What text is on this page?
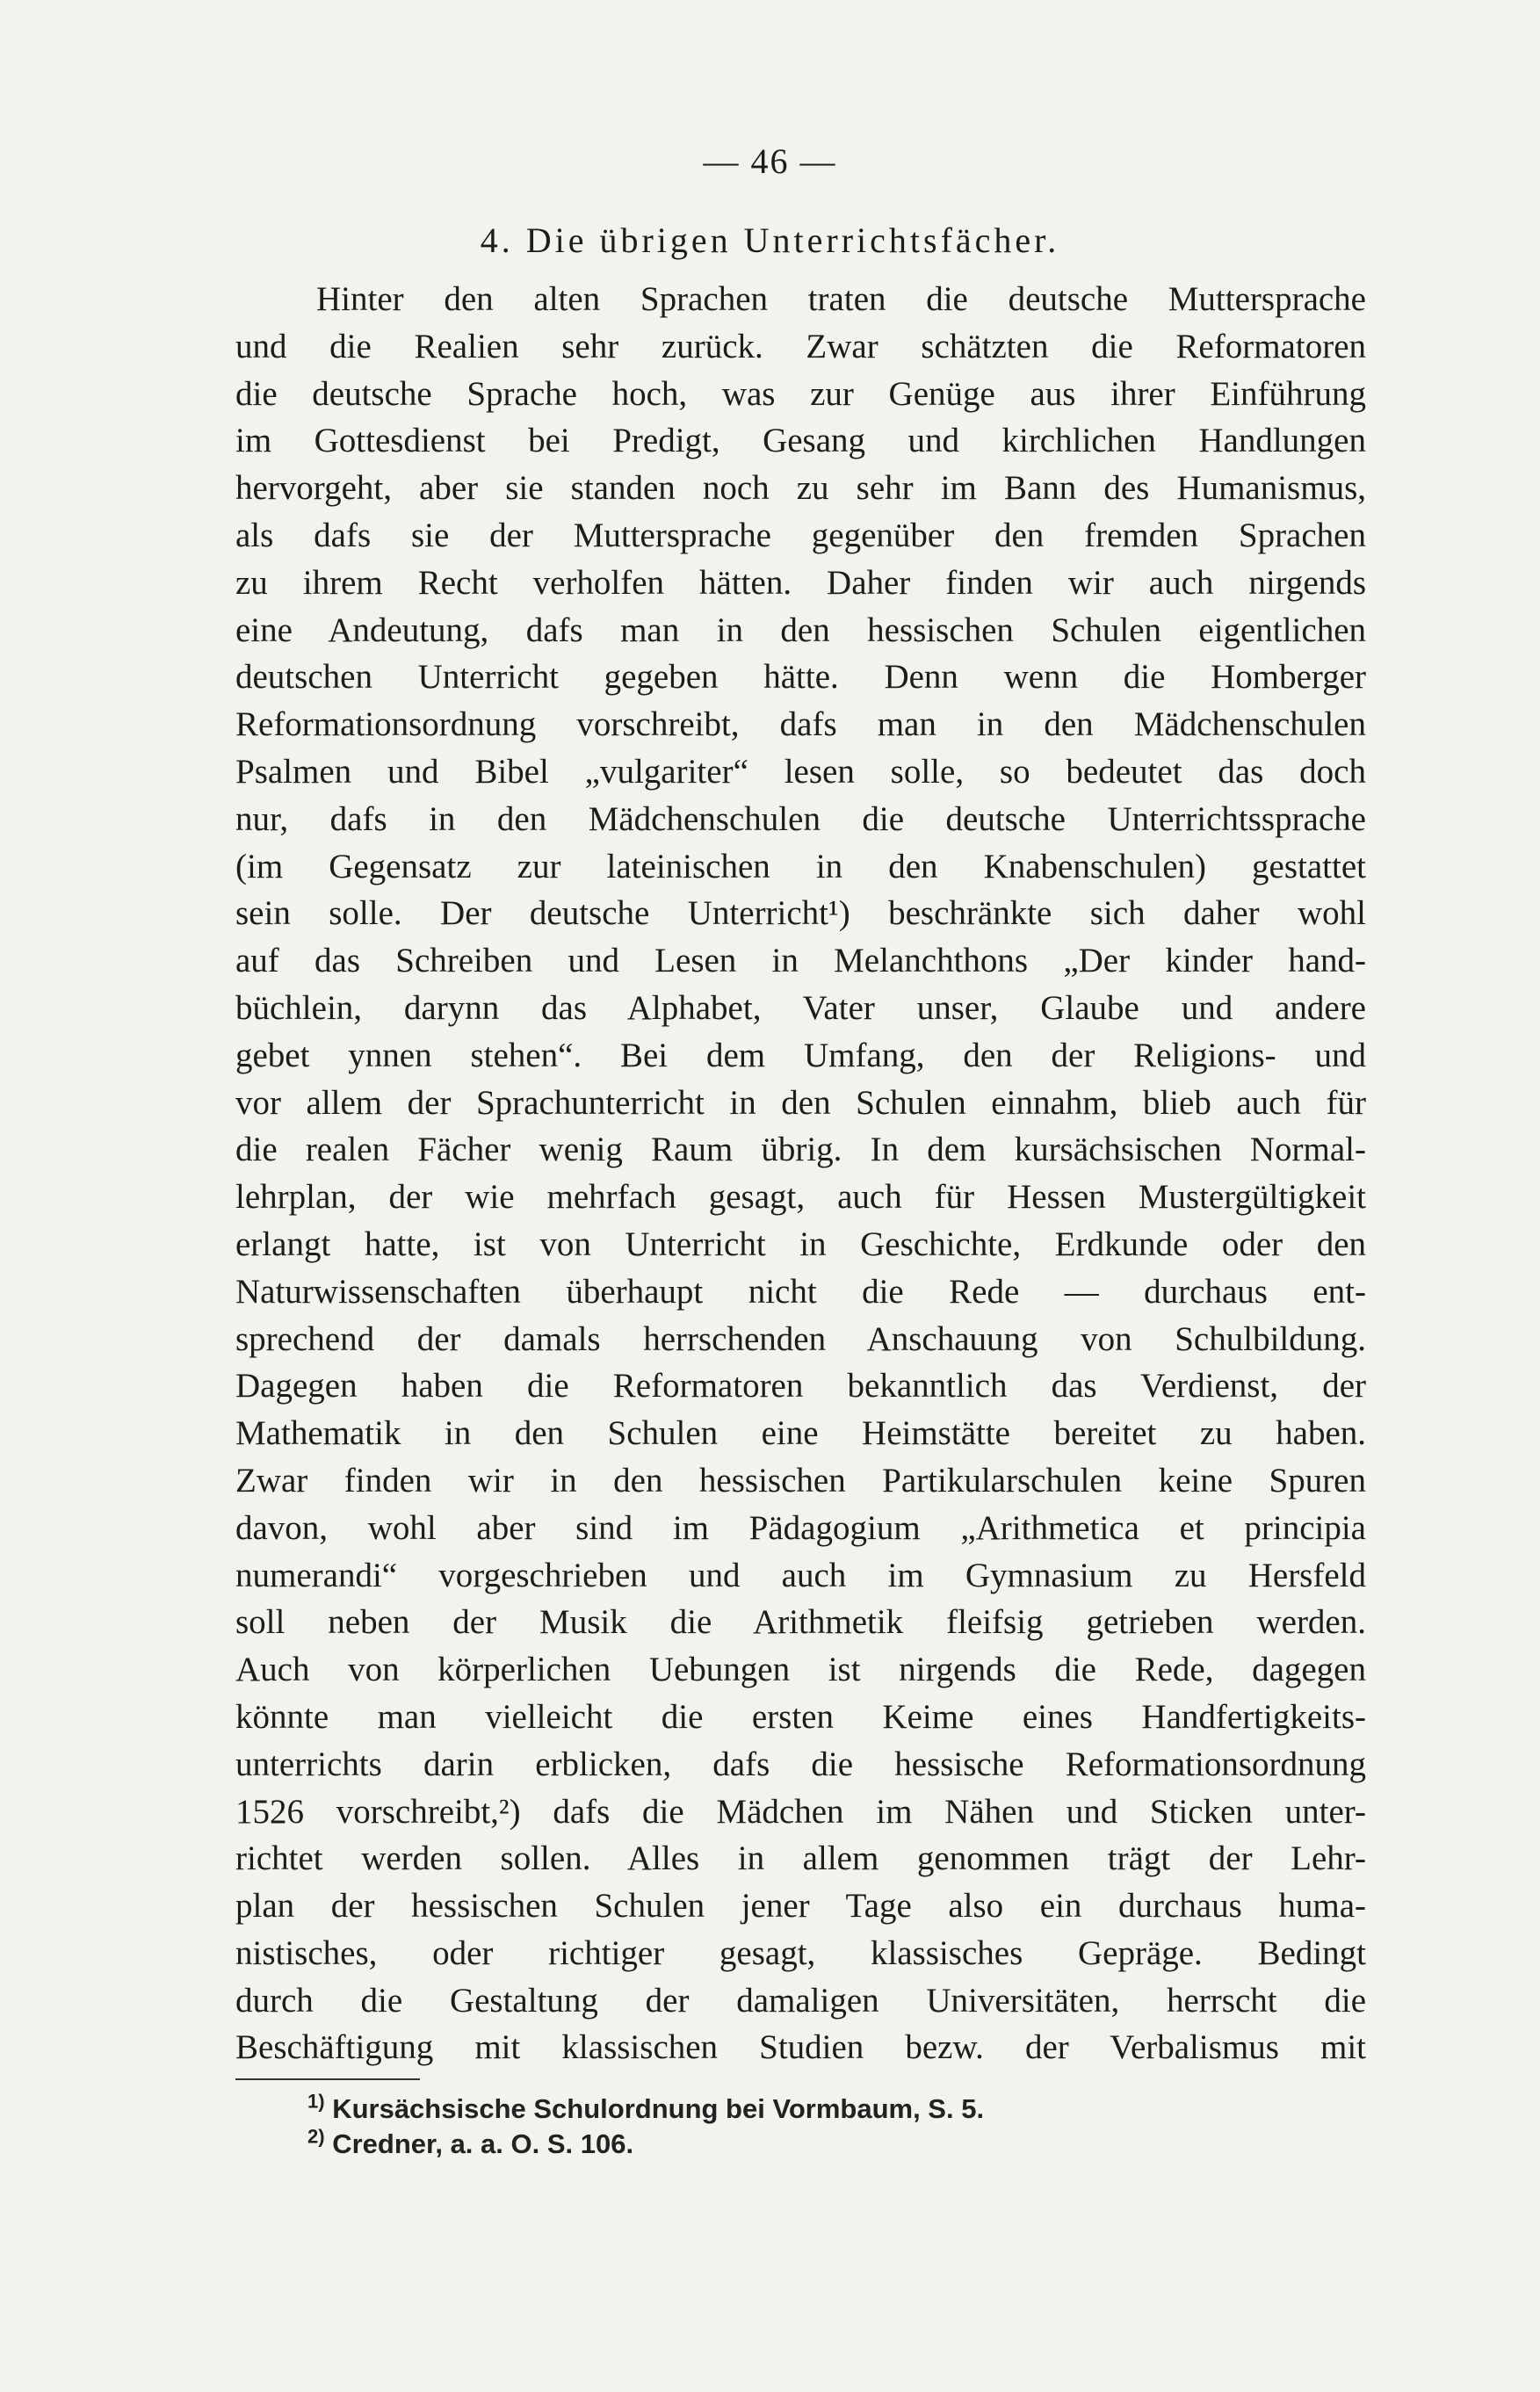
— 46 —
4. Die übrigen Unterrichtsfächer.
Hinter den alten Sprachen traten die deutsche Muttersprache
und die Realien sehr zurück. Zwar schätzten die Reformatoren
die deutsche Sprache hoch, was zur Genüge aus ihrer Einführung
im Gottesdienst bei Predigt, Gesang und kirchlichen Handlungen
hervorgeht, aber sie standen noch zu sehr im Bann des Humanismus,
als dafs sie der Muttersprache gegenüber den fremden Sprachen
zu ihrem Recht verholfen hätten. Daher finden wir auch nirgends
eine Andeutung, dafs man in den hessischen Schulen eigentlichen
deutschen Unterricht gegeben hätte. Denn wenn die Homberger
Reformationsordnung vorschreibt, dafs man in den Mädchenschulen
Psalmen und Bibel „vulgariter“ lesen solle, so bedeutet das doch
nur, dafs in den Mädchenschulen die deutsche Unterrichtssprache
(im Gegensatz zur lateinischen in den Knabenschulen) gestattet
sein solle. Der deutsche Unterricht¹) beschränkte sich daher wohl
auf das Schreiben und Lesen in Melanchthons „Der kinder hand-
büchlein, darynn das Alphabet, Vater unser, Glaube und andere
gebet ynnen stehen“. Bei dem Umfang, den der Religions- und
vor allem der Sprachunterricht in den Schulen einnahm, blieb auch für
die realen Fächer wenig Raum übrig. In dem kursächsischen Normal-
lehrplan, der wie mehrfach gesagt, auch für Hessen Mustergültigkeit
erlangt hatte, ist von Unterricht in Geschichte, Erdkunde oder den
Naturwissenschaften überhaupt nicht die Rede — durchaus ent-
sprechend der damals herrschenden Anschauung von Schulbildung.
Dagegen haben die Reformatoren bekanntlich das Verdienst, der
Mathematik in den Schulen eine Heimstätte bereitet zu haben.
Zwar finden wir in den hessischen Partikularschulen keine Spuren
davon, wohl aber sind im Pädagogium „Arithmetica et principia
numerandi“ vorgeschrieben und auch im Gymnasium zu Hersfeld
soll neben der Musik die Arithmetik fleifsig getrieben werden.
Auch von körperlichen Uebungen ist nirgends die Rede, dagegen
könnte man vielleicht die ersten Keime eines Handfertigkeits-
unterrichts darin erblicken, dafs die hessische Reformationsordnung
1526 vorschreibt,²) dafs die Mädchen im Nähen und Sticken unter-
richtet werden sollen. Alles in allem genommen trägt der Lehr-
plan der hessischen Schulen jener Tage also ein durchaus huma-
nistisches, oder richtiger gesagt, klassisches Gepräge. Bedingt
durch die Gestaltung der damaligen Universitäten, herrscht die
Beschäftigung mit klassischen Studien bezw. der Verbalismus mit
$^{1)}$ Kursächsische Schulordnung bei Vormbaum, S. 5.
$^{2)}$ Credner, a. a. O. S. 106.
